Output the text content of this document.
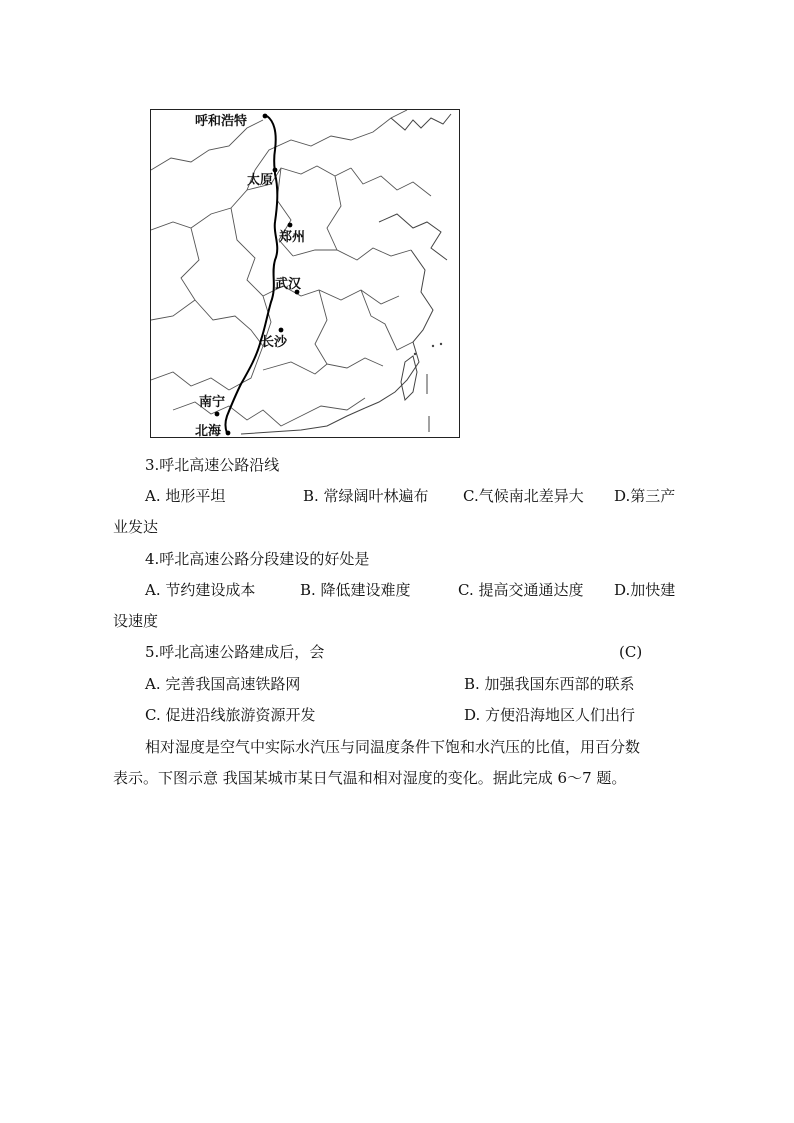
呼和浩特
太原
郑州
武汉
长沙
南宁
北海
3.呼北高速公路沿线
A. 地形平坦	B. 常绿阔叶林遍布 C.气候南北差异大 D.第三产
业发达
4.呼北高速公路分段建设的好处是
A. 节约建设成本	B. 降低建设难度	C. 提高交通通达度 D.加快建
设速度
5.呼北高速公路建成后，会	(C)
A. 完善我国高速铁路网	B. 加强我国东西部的联系
C. 促进沿线旅游资源开发	D. 方便沿海地区人们出行
相对湿度是空气中实际水汽压与同温度条件下饱和水汽压的比值，用百分数
表示。下图示意 我国某城市某日气温和相对湿度的变化。据此完成 6～7 题。
